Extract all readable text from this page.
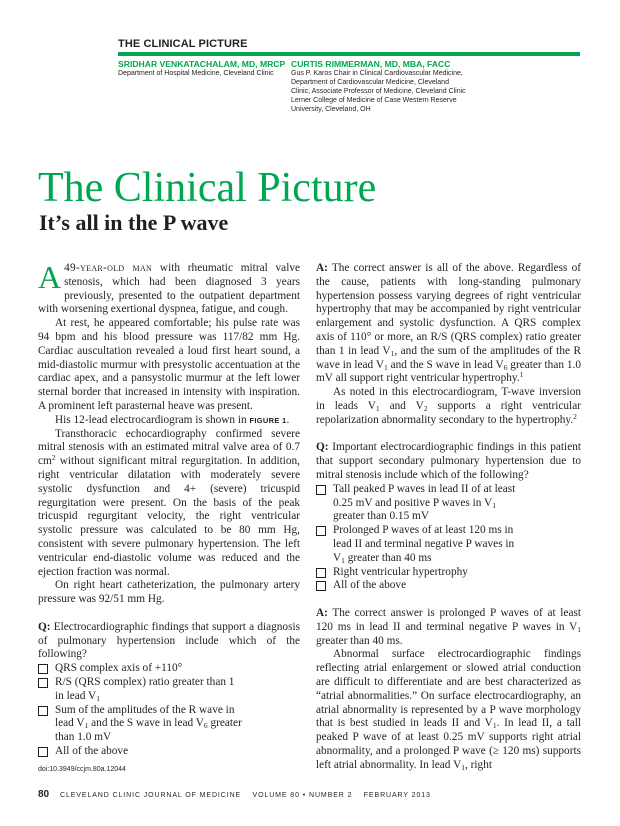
THE CLINICAL PICTURE
SRIDHAR VENKATACHALAM, MD, MRCP
Department of Hospital Medicine, Cleveland Clinic
CURTIS RIMMERMAN, MD, MBA, FACC
Gus P. Karos Chair in Clinical Cardiovascular Medicine,
Department of Cardiovascular Medicine, Cleveland
Clinic; Associate Professor of Medicine, Cleveland Clinic
Lerner College of Medicine of Case Western Reserve
University, Cleveland, OH
The Clinical Picture
It’s all in the P wave

A 49-year-old man with rheumatic mitral valve stenosis, which had been diagnosed 3 years previously, presented to the outpatient department with worsening exertional dyspnea, fatigue, and cough.

At rest, he appeared comfortable; his pulse rate was 94 bpm and his blood pressure was 117/82 mm Hg. Cardiac auscultation revealed a loud first heart sound, a mid-diastolic murmur with presystolic accentuation at the cardiac apex, and a pansystolic murmur at the left lower sternal border that increased in intensity with inspiration. A prominent left parasternal heave was present.

His 12-lead electrocardiogram is shown in FIGURE 1.

Transthoracic echocardiography confirmed severe mitral stenosis with an estimated mitral valve area of 0.7 $cm^2$ without significant mitral regurgitation. In addition, right ventricular dilatation with moderately severe systolic dysfunction and 4+ (severe) tricuspid regurgitation were present. On the basis of the peak tricuspid regurgitant velocity, the right ventricular systolic pressure was calculated to be 80 mm Hg, consistent with severe pulmonary hypertension. The left ventricular end-diastolic volume was reduced and the ejection fraction was normal.

On right heart catheterization, the pulmonary artery pressure was 92/51 mm Hg.

Q: Electrocardiographic findings that support a diagnosis of pulmonary hypertension include which of the following?

QRS complex axis of +110°
R/S (QRS complex) ratio greater than 1
in lead $V_1$
Sum of the amplitudes of the R wave in
lead $V_1$ and the S wave in lead $V_6$ greater
than 1.0 mV
All of the above

A: The correct answer is all of the above. Regardless of the cause, patients with long-standing pulmonary hypertension possess varying degrees of right ventricular hypertrophy that may be accompanied by right ventricular enlargement and systolic dysfunction. A QRS complex axis of 110° or more, an R/S (QRS complex) ratio greater than 1 in lead $V_1$, and the sum of the amplitudes of the R wave in lead $V_1$ and the S wave in lead $V_6$ greater than 1.0 mV all support right ventricular hypertrophy.$^1$

As noted in this electrocardiogram, T-wave inversion in leads $V_1$ and $V_2$ supports a right ventricular repolarization abnormality secondary to the hypertrophy.$^2$

Q: Important electrocardiographic findings in this patient that support secondary pulmonary hypertension due to mitral stenosis include which of the following?

Tall peaked P waves in lead II of at least
0.25 mV and positive P waves in $V_1$
greater than 0.15 mV
Prolonged P waves of at least 120 ms in
lead II and terminal negative P waves in
$V_1$ greater than 40 ms
Right ventricular hypertrophy
All of the above

A: The correct answer is prolonged P waves of at least 120 ms in lead II and terminal negative P waves in $V_1$ greater than 40 ms.

Abnormal surface electrocardiographic findings reflecting atrial enlargement or slowed atrial conduction are difficult to differentiate and are best characterized as “atrial abnormalities.” On surface electrocardiography, an atrial abnormality is represented by a P wave morphology that is best studied in leads II and $V_1$. In lead II, a tall peaked P wave of at least 0.25 mV supports right atrial abnormality, and a prolonged P wave (≥ 120 ms) supports left atrial abnormality. In lead $V_1$, right

doi:10.3949/ccjm.80a.12044
80 CLEVELAND CLINIC JOURNAL OF MEDICINE VOLUME 80 • NUMBER 2 FEBRUARY 2013
